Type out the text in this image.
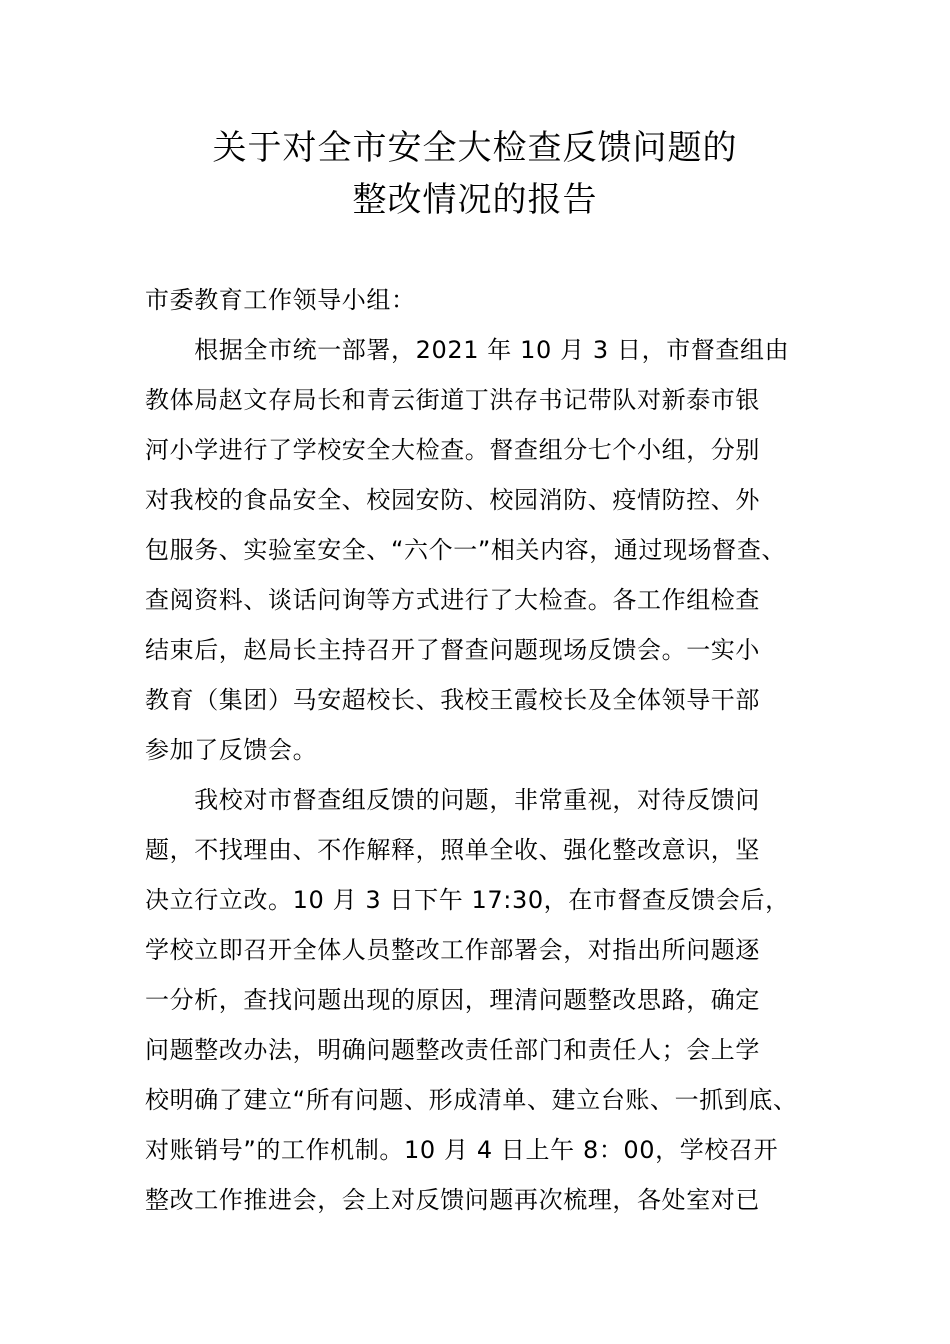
关于对全市安全大检查反馈问题的
整改情况的报告
市委教育工作领导小组：
　　根据全市统一部署，2021 年 10 月 3 日，市督查组由
教体局赵文存局长和青云街道丁洪存书记带队对新泰市银
河小学进行了学校安全大检查。督查组分七个小组，分别
对我校的食品安全、校园安防、校园消防、疫情防控、外
包服务、实验室安全、“六个一”相关内容，通过现场督查、
查阅资料、谈话问询等方式进行了大检查。各工作组检查
结束后，赵局长主持召开了督查问题现场反馈会。一实小
教育（集团）马安超校长、我校王霞校长及全体领导干部
参加了反馈会。
　　我校对市督查组反馈的问题，非常重视，对待反馈问
题，不找理由、不作解释，照单全收、强化整改意识，坚
决立行立改。10 月 3 日下午 17:30，在市督查反馈会后，
学校立即召开全体人员整改工作部署会，对指出所问题逐
一分析，查找问题出现的原因，理清问题整改思路，确定
问题整改办法，明确问题整改责任部门和责任人；会上学
校明确了建立“所有问题、形成清单、建立台账、一抓到底、
对账销号”的工作机制。10 月 4 日上午 8：00，学校召开
整改工作推进会，会上对反馈问题再次梳理，各处室对已
